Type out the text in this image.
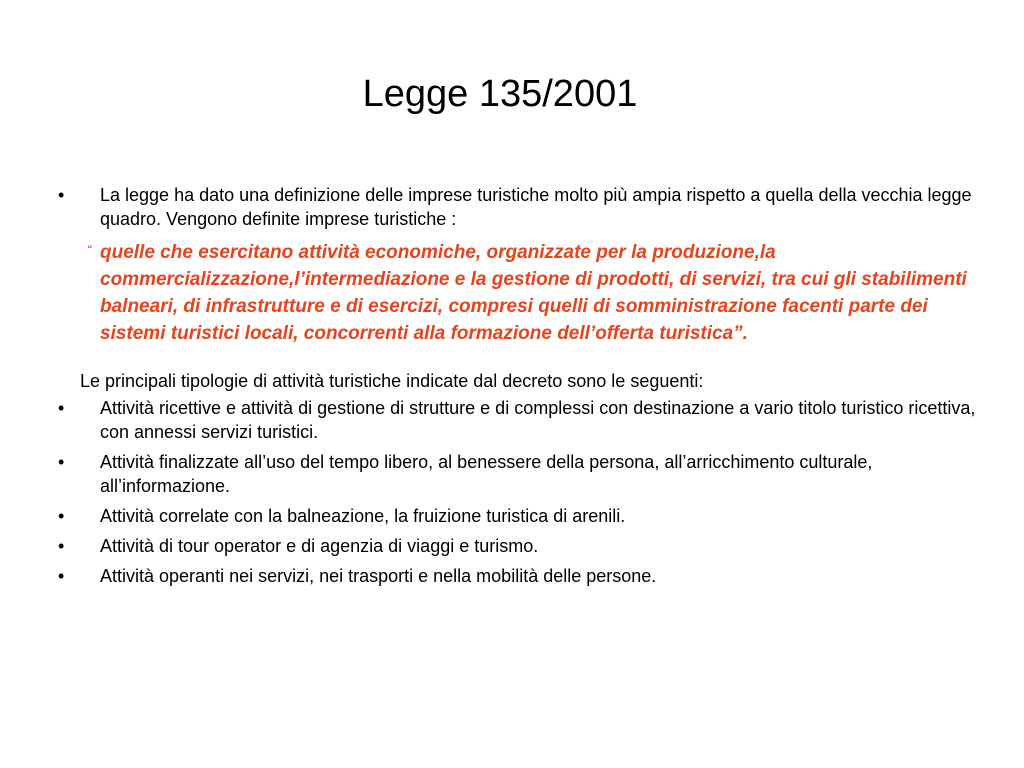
Legge 135/2001
• La legge ha dato una definizione delle imprese turistiche molto più ampia rispetto a quella della vecchia legge quadro. Vengono definite imprese turistiche :
“ quelle che esercitano attività economiche, organizzate per la produzione,la commercializzazione,l’intermediazione e la gestione di prodotti, di servizi, tra cui gli stabilimenti balneari, di infrastrutture e di esercizi, compresi quelli di somministrazione facenti parte dei sistemi turistici locali, concorrenti alla formazione dell’offerta turistica”.
Le principali tipologie di attività turistiche indicate dal decreto sono le seguenti:
• Attività ricettive e attività di gestione di strutture e di complessi con destinazione a vario titolo turistico ricettiva, con annessi servizi turistici.
• Attività finalizzate all’uso del tempo libero, al benessere della persona, all’arricchimento culturale, all’informazione.
• Attività correlate con la balneazione, la fruizione turistica di arenili.
• Attività di tour operator e di agenzia di viaggi e turismo.
• Attività operanti nei servizi, nei trasporti e nella mobilità delle persone.
